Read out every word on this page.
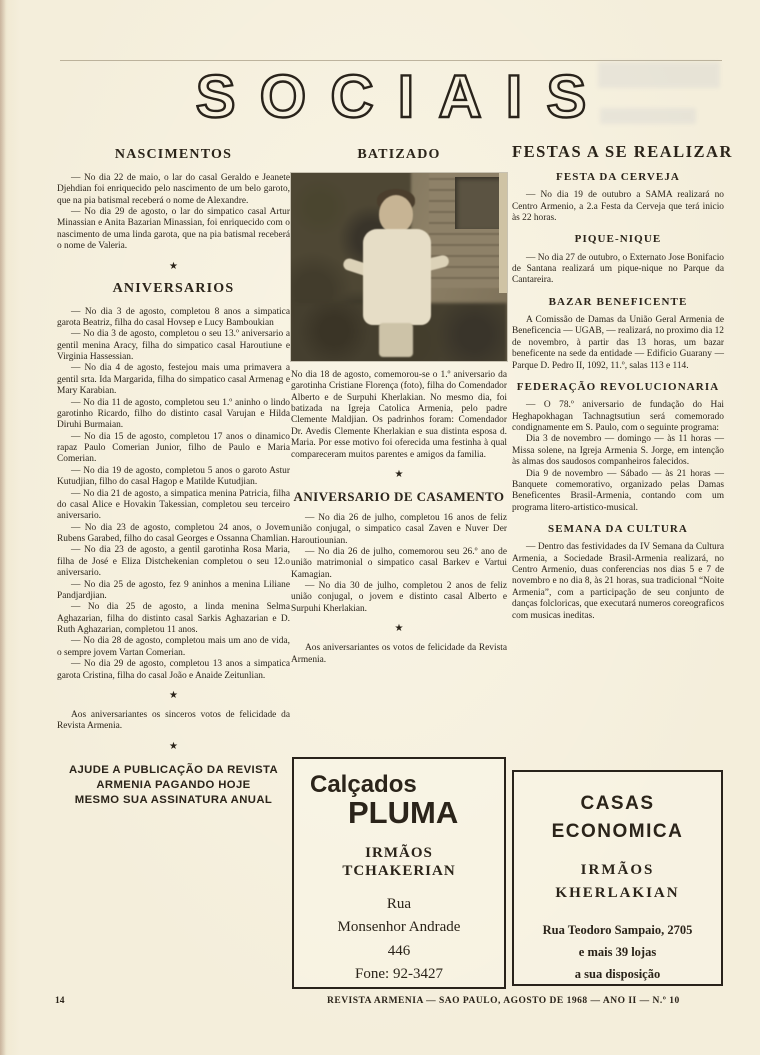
SOCIAIS
NASCIMENTOS

— No dia 22 de maio, o lar do casal Geraldo e Jeanete Djehdian foi enriquecido pelo nascimento de um belo garoto, que na pia batismal receberá o nome de Alexandre.

— No dia 29 de agosto, o lar do simpatico casal Artur Minassian e Anita Bazarian Minassian, foi enriquecido com o nascimento de uma linda garota, que na pia batismal receberá o nome de Valeria.

★
ANIVERSARIOS

— No dia 3 de agosto, completou 8 anos a simpatica garota Beatriz, filha do casal Hovsep e Lucy Bamboukian

— No dia 3 de agosto, completou o seu 13.º aniversario a gentil menina Aracy, filha do simpatico casal Haroutiune e Virginia Hassessian.

— No dia 4 de agosto, festejou mais uma primavera a gentil srta. Ida Margarida, filha do simpatico casal Armenag e Mary Karabian.

— No dia 11 de agosto, completou seu 1.º aninho o lindo garotinho Ricardo, filho do distinto casal Varujan e Hilda Diruhi Burmaian.

— No dia 15 de agosto, completou 17 anos o dinamico rapaz Paulo Comerian Junior, filho de Paulo e Maria Comerian.

— No dia 19 de agosto, completou 5 anos o garoto Astur Kutudjian, filho do casal Hagop e Matilde Kutudjian.

— No dia 21 de agosto, a simpatica menina Patricia, filha do casal Alice e Hovakin Takessian, completou seu terceiro aniversario.

— No dia 23 de agosto, completou 24 anos, o Jovem Rubens Garabed, filho do casal Georges e Ossanna Chamlian.

— No dia 23 de agosto, a gentil garotinha Rosa Maria, filha de José e Eliza Distchekenian completou o seu 12.o aniversario.

— No dia 25 de agosto, fez 9 aninhos a menina Liliane Pandjardjian.

— No dia 25 de agosto, a linda menina Selma Aghazarian, filha do distinto casal Sarkis Aghazarian e D. Ruth Aghazarian, completou 11 anos.

— No dia 28 de agosto, completou mais um ano de vida, o sempre jovem Vartan Comerian.

— No dia 29 de agosto, completou 13 anos a simpatica garota Cristina, filha do casal João e Anaide Zeitunlian.

★

Aos aniversariantes os sinceros votos de felicidade da Revista Armenia.

★
AJUDE A PUBLICAÇÃO DA REVISTA
ARMENIA PAGANDO HOJE
MESMO SUA ASSINATURA ANUAL
BATIZADO

No dia 18 de agosto, comemorou-se o 1.º aniversario da garotinha Cristiane Florença (foto), filha do Comendador Alberto e de Surpuhi Kherlakian. No mesmo dia, foi batizada na Igreja Catolica Armenia, pelo padre Clemente Maldjian. Os padrinhos foram: Comendador Dr. Avedis Clemente Kherlakian e sua distinta esposa d. Maria. Por esse motivo foi oferecida uma festinha à qual compareceram muitos parentes e amigos da familia.

★
ANIVERSARIO DE CASAMENTO

— No dia 26 de julho, completou 16 anos de feliz união conjugal, o simpatico casal Zaven e Nuver Der Haroutiounian.

— No dia 26 de julho, comemorou seu 26.º ano de união matrimonial o simpatico casal Barkev e Vartui Kamagian.

— No dia 30 de julho, completou 2 anos de feliz união conjugal, o jovem e distinto casal Alberto e Surpuhi Kherlakian.

★

Aos aniversariantes os votos de felicidade da Revista Armenia.

FESTAS A SE REALIZAR
FESTA DA CERVEJA

— No dia 19 de outubro a SAMA realizará no Centro Armenio, a 2.a Festa da Cerveja que terá inicio às 22 horas.

PIQUE-NIQUE

— No dia 27 de outubro, o Externato Jose Bonifacio de Santana realizará um pique-nique no Parque da Cantareira.

BAZAR BENEFICENTE

A Comissão de Damas da União Geral Armenia de Beneficencia — UGAB, — realizará, no proximo dia 12 de novembro, à partir das 13 horas, um bazar beneficente na sede da entidade — Edificio Guarany — Parque D. Pedro II, 1092, 11.º, salas 113 e 114.

FEDERAÇÃO REVOLUCIONARIA

— O 78.º aniversario de fundação do Hai Heghapokhagan Tachnagtsutiun será comemorado condignamente em S. Paulo, com o seguinte programa:

Dia 3 de novembro — domingo — às 11 horas — Missa solene, na Igreja Armenia S. Jorge, em intenção às almas dos saudosos companheiros falecidos.

Dia 9 de novembro — Sábado — às 21 horas — Banquete comemorativo, organizado pelas Damas Beneficentes Brasil-Armenia, contando com um programa litero-artistico-musical.

SEMANA DA CULTURA

— Dentro das festividades da IV Semana da Cultura Armenia, a Sociedade Brasil-Armenia realizará, no Centro Armenio, duas conferencias nos dias 5 e 7 de novembro e no dia 8, às 21 horas, sua tradicional “Noite Armenia”, com a participação de seu conjunto de danças folcloricas, que executará numeros coreograficos com musicas ineditas.

Calçados
PLUMA
IRMÃOS
TCHAKERIAN
Rua
Monsenhor Andrade
446
Fone: 92-3427
CASAS
ECONOMICA
IRMÃOS
KHERLAKIAN
Rua Teodoro Sampaio, 2705
e mais 39 lojas
a sua disposição
14	REVISTA ARMENIA — SAO PAULO, AGOSTO DE 1968 — ANO II — N.º 10
